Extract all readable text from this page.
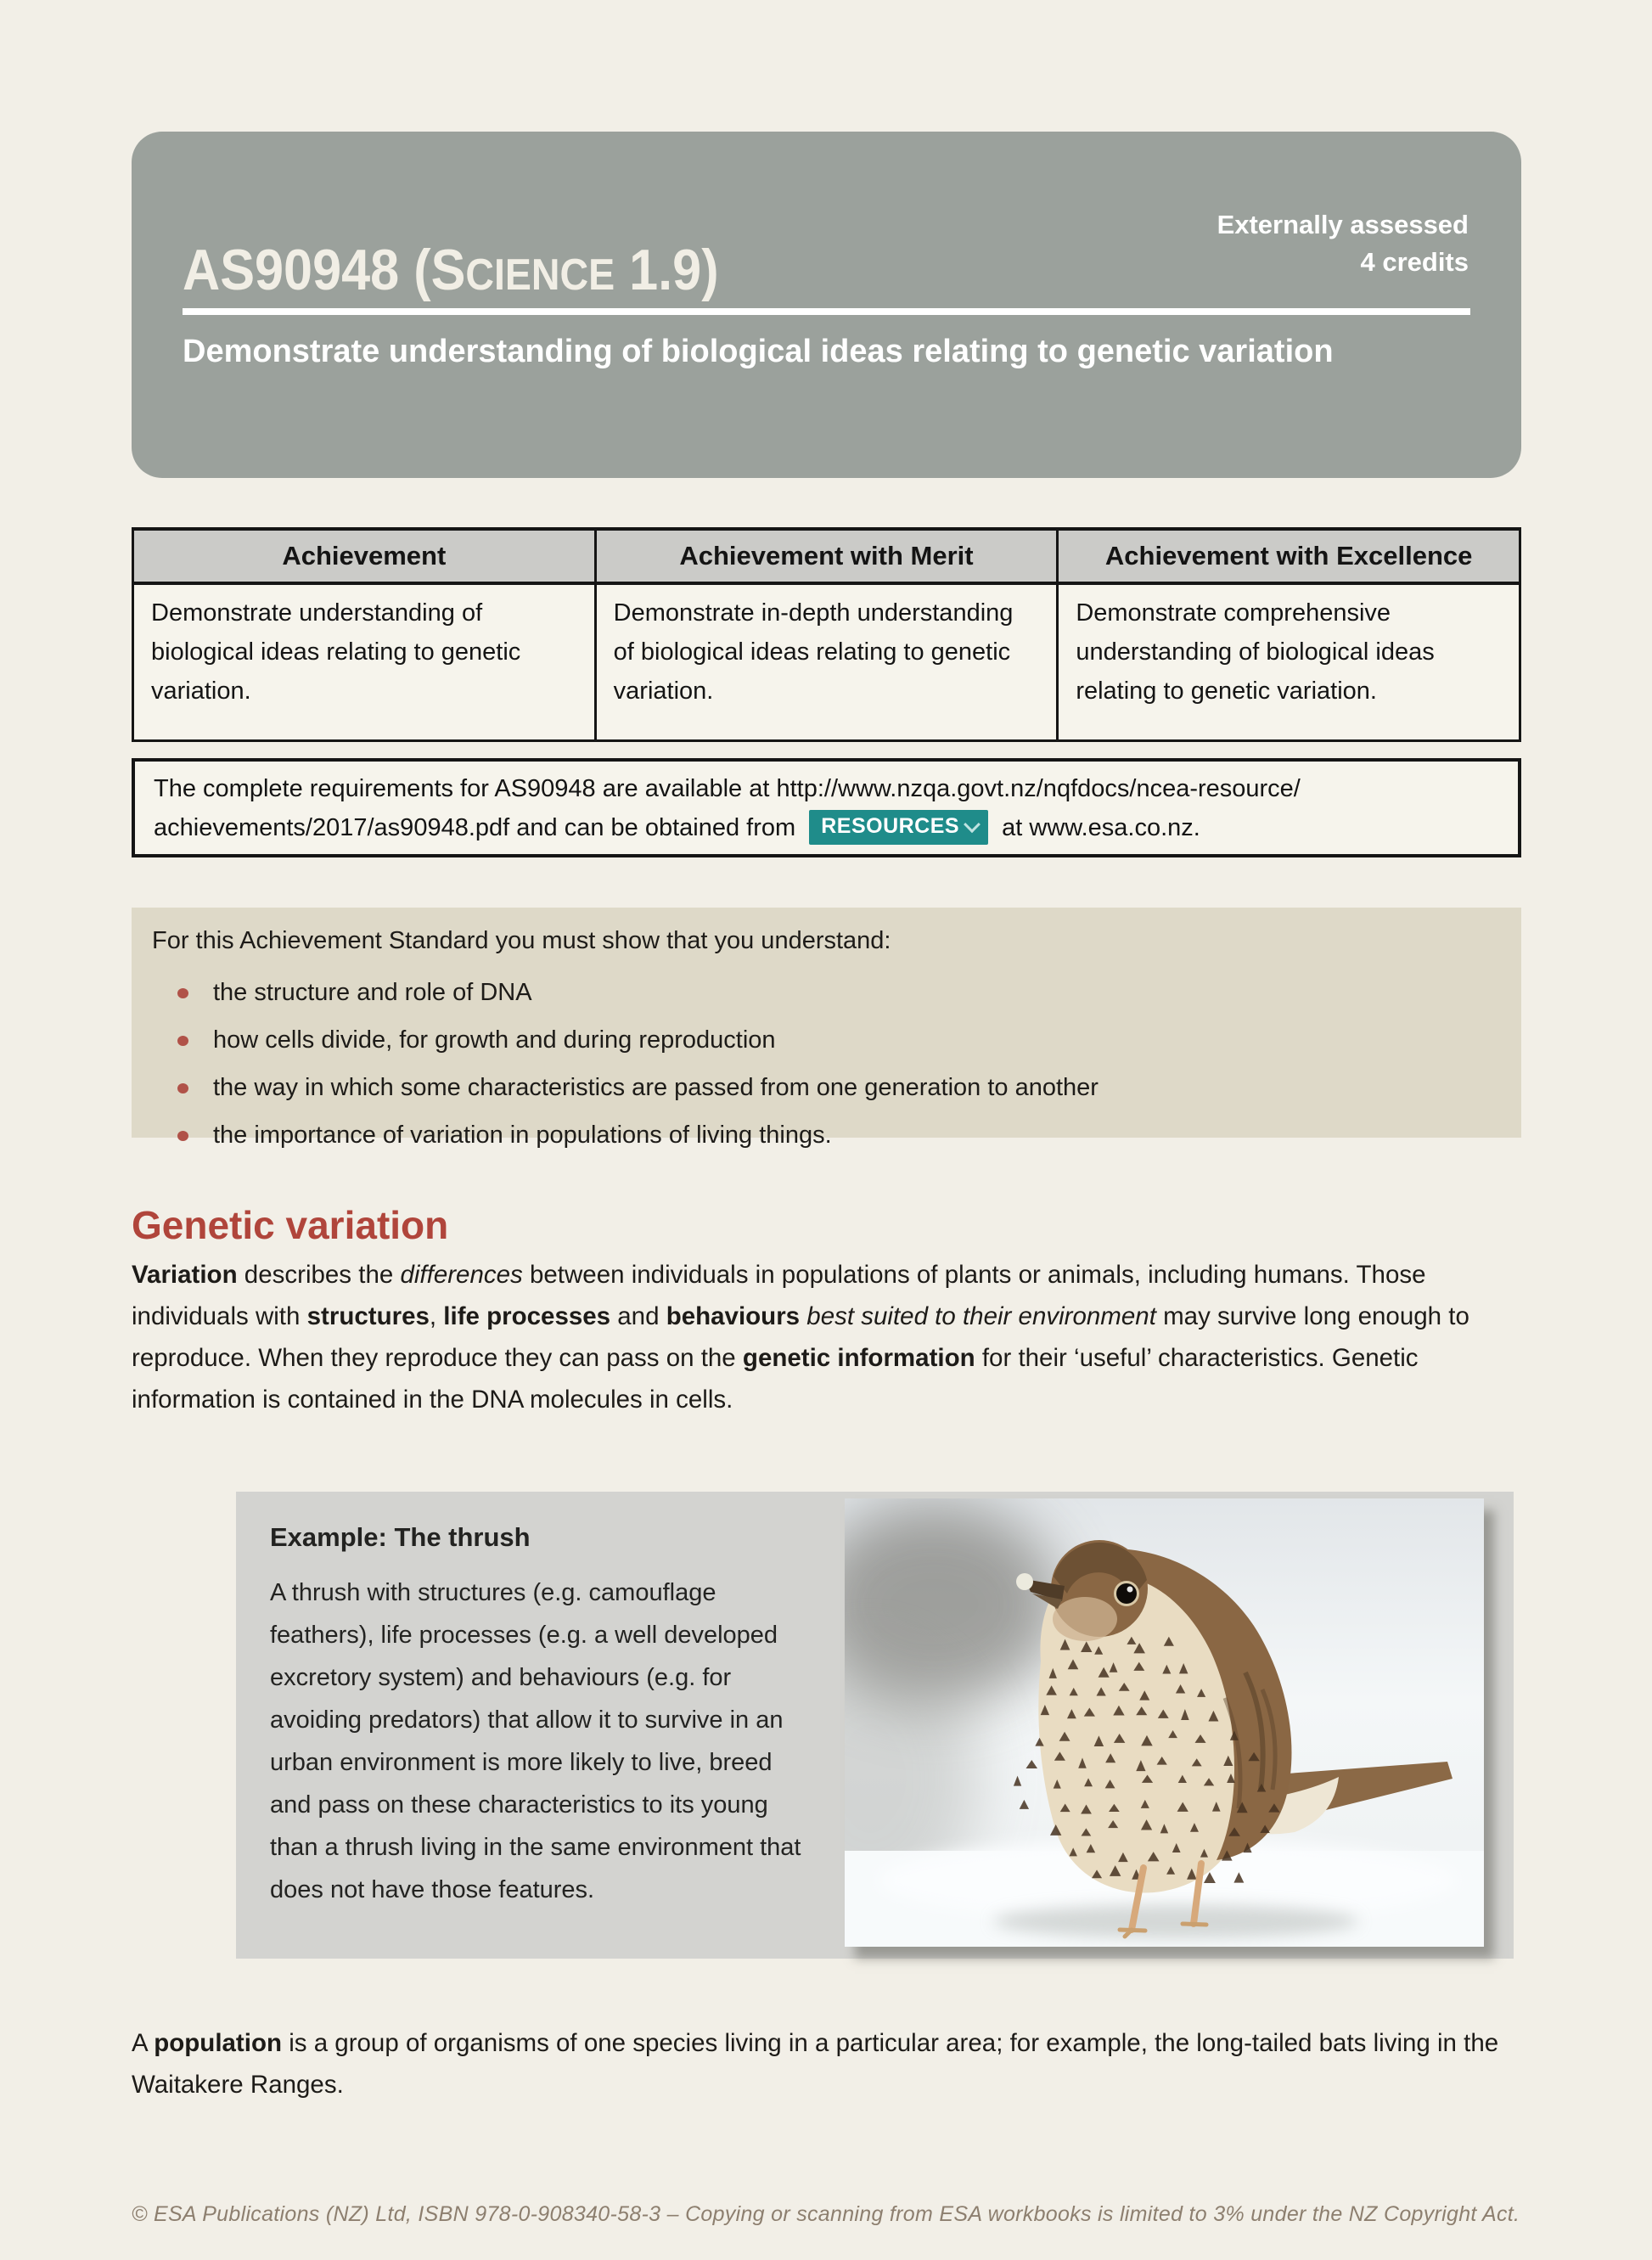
AS90948 (SCIENCE 1.9)
Externally assessed
4 credits
Demonstrate understanding of biological ideas relating to genetic variation
Achievement	Achievement with Merit	Achievement with Excellence
Demonstrate understanding of biological ideas relating to genetic variation.	Demonstrate in-depth understanding of biological ideas relating to genetic variation.	Demonstrate comprehensive understanding of biological ideas relating to genetic variation.
The complete requirements for AS90948 are available at http://www.nzqa.govt.nz/nqfdocs/ncea-resource/achievements/2017/as90948.pdf and can be obtained from RESOURCES at www.esa.co.nz.

For this Achievement Standard you must show that you understand:

the structure and role of DNA
how cells divide, for growth and during reproduction
the way in which some characteristics are passed from one generation to another
the importance of variation in populations of living things.
Genetic variation

Variation describes the differences between individuals in populations of plants or animals, including humans. Those individuals with structures, life processes and behaviours best suited to their environment may survive long enough to reproduce. When they reproduce they can pass on the genetic information for their ‘useful’ characteristics. Genetic information is contained in the DNA molecules in cells.

Example: The thrush

A thrush with structures (e.g. camouflage feathers), life processes (e.g. a well developed excretory system) and behaviours (e.g. for avoiding predators) that allow it to survive in an urban environment is more likely to live, breed and pass on these characteristics to its young than a thrush living in the same environment that does not have those features.

A population is a group of organisms of one species living in a particular area; for example, the long-tailed bats living in the Waitakere Ranges.

© ESA Publications (NZ) Ltd, ISBN 978-0-908340-58-3 – Copying or scanning from ESA workbooks is limited to 3% under the NZ Copyright Act.
